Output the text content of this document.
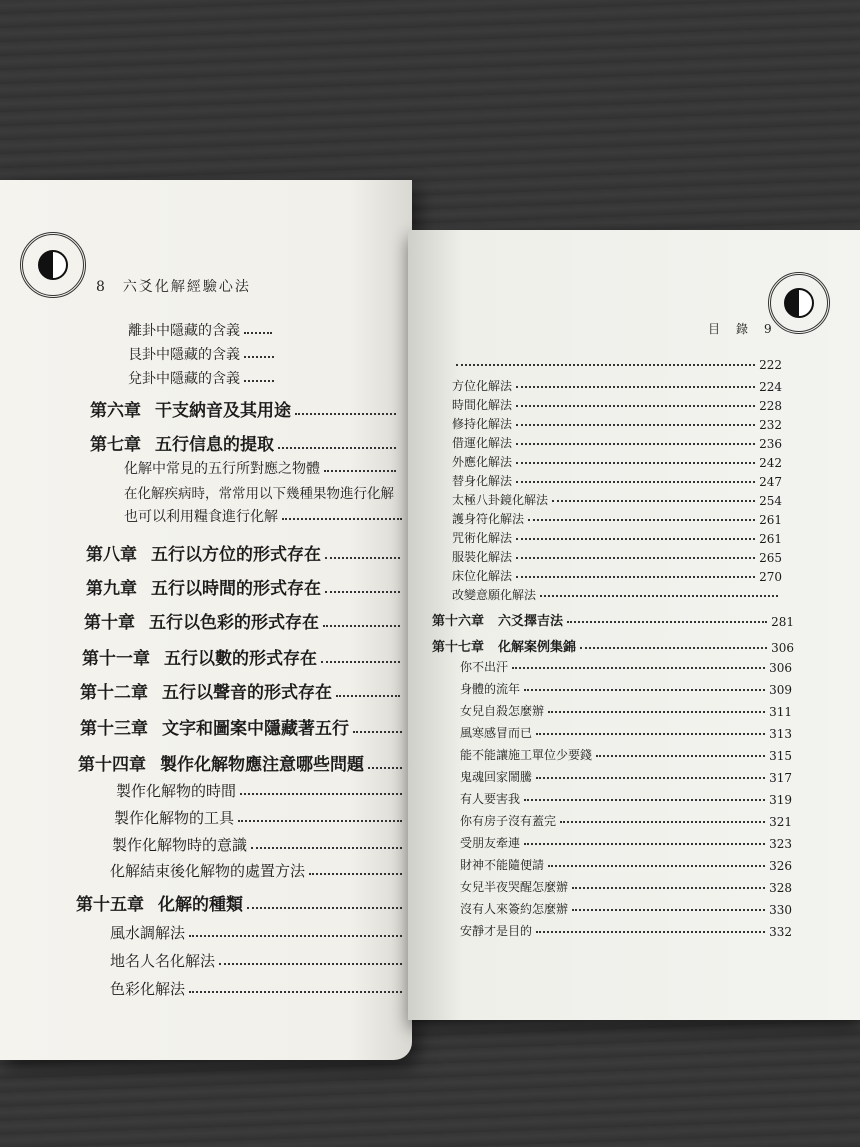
8　六爻化解經驗心法
離卦中隱藏的含義
艮卦中隱藏的含義
兌卦中隱藏的含義
第六章 干支納音及其用途
第七章 五行信息的提取
化解中常見的五行所對應之物體
在化解疾病時，常常用以下幾種果物進行化解
也可以利用糧食進行化解
第八章 五行以方位的形式存在
第九章 五行以時間的形式存在
第十章 五行以色彩的形式存在
第十一章 五行以數的形式存在
第十二章 五行以聲音的形式存在
第十三章 文字和圖案中隱藏著五行
第十四章 製作化解物應注意哪些問題
製作化解物的時間
製作化解物的工具
製作化解物時的意識
化解結束後化解物的處置方法
第十五章 化解的種類
風水調解法
地名人名化解法
色彩化解法
目　錄　9
222
方位化解法	224
時間化解法	228
修持化解法	232
借運化解法	236
外應化解法	242
替身化解法	247
太極八卦鏡化解法	254
護身符化解法	261
咒術化解法	261
服裝化解法	265
床位化解法	270
改變意願化解法
第十六章 六爻擇吉法	281
第十七章 化解案例集錦	306
你不出汗	306
身體的流年	309
女兒自殺怎麼辦	311
風寒感冒而已	313
能不能讓施工單位少要錢	315
鬼魂回家鬧騰	317
有人要害我	319
你有房子沒有蓋完	321
受朋友牽連	323
財神不能隨便請	326
女兒半夜哭醒怎麼辦	328
沒有人來簽約怎麼辦	330
安靜才是目的	332
